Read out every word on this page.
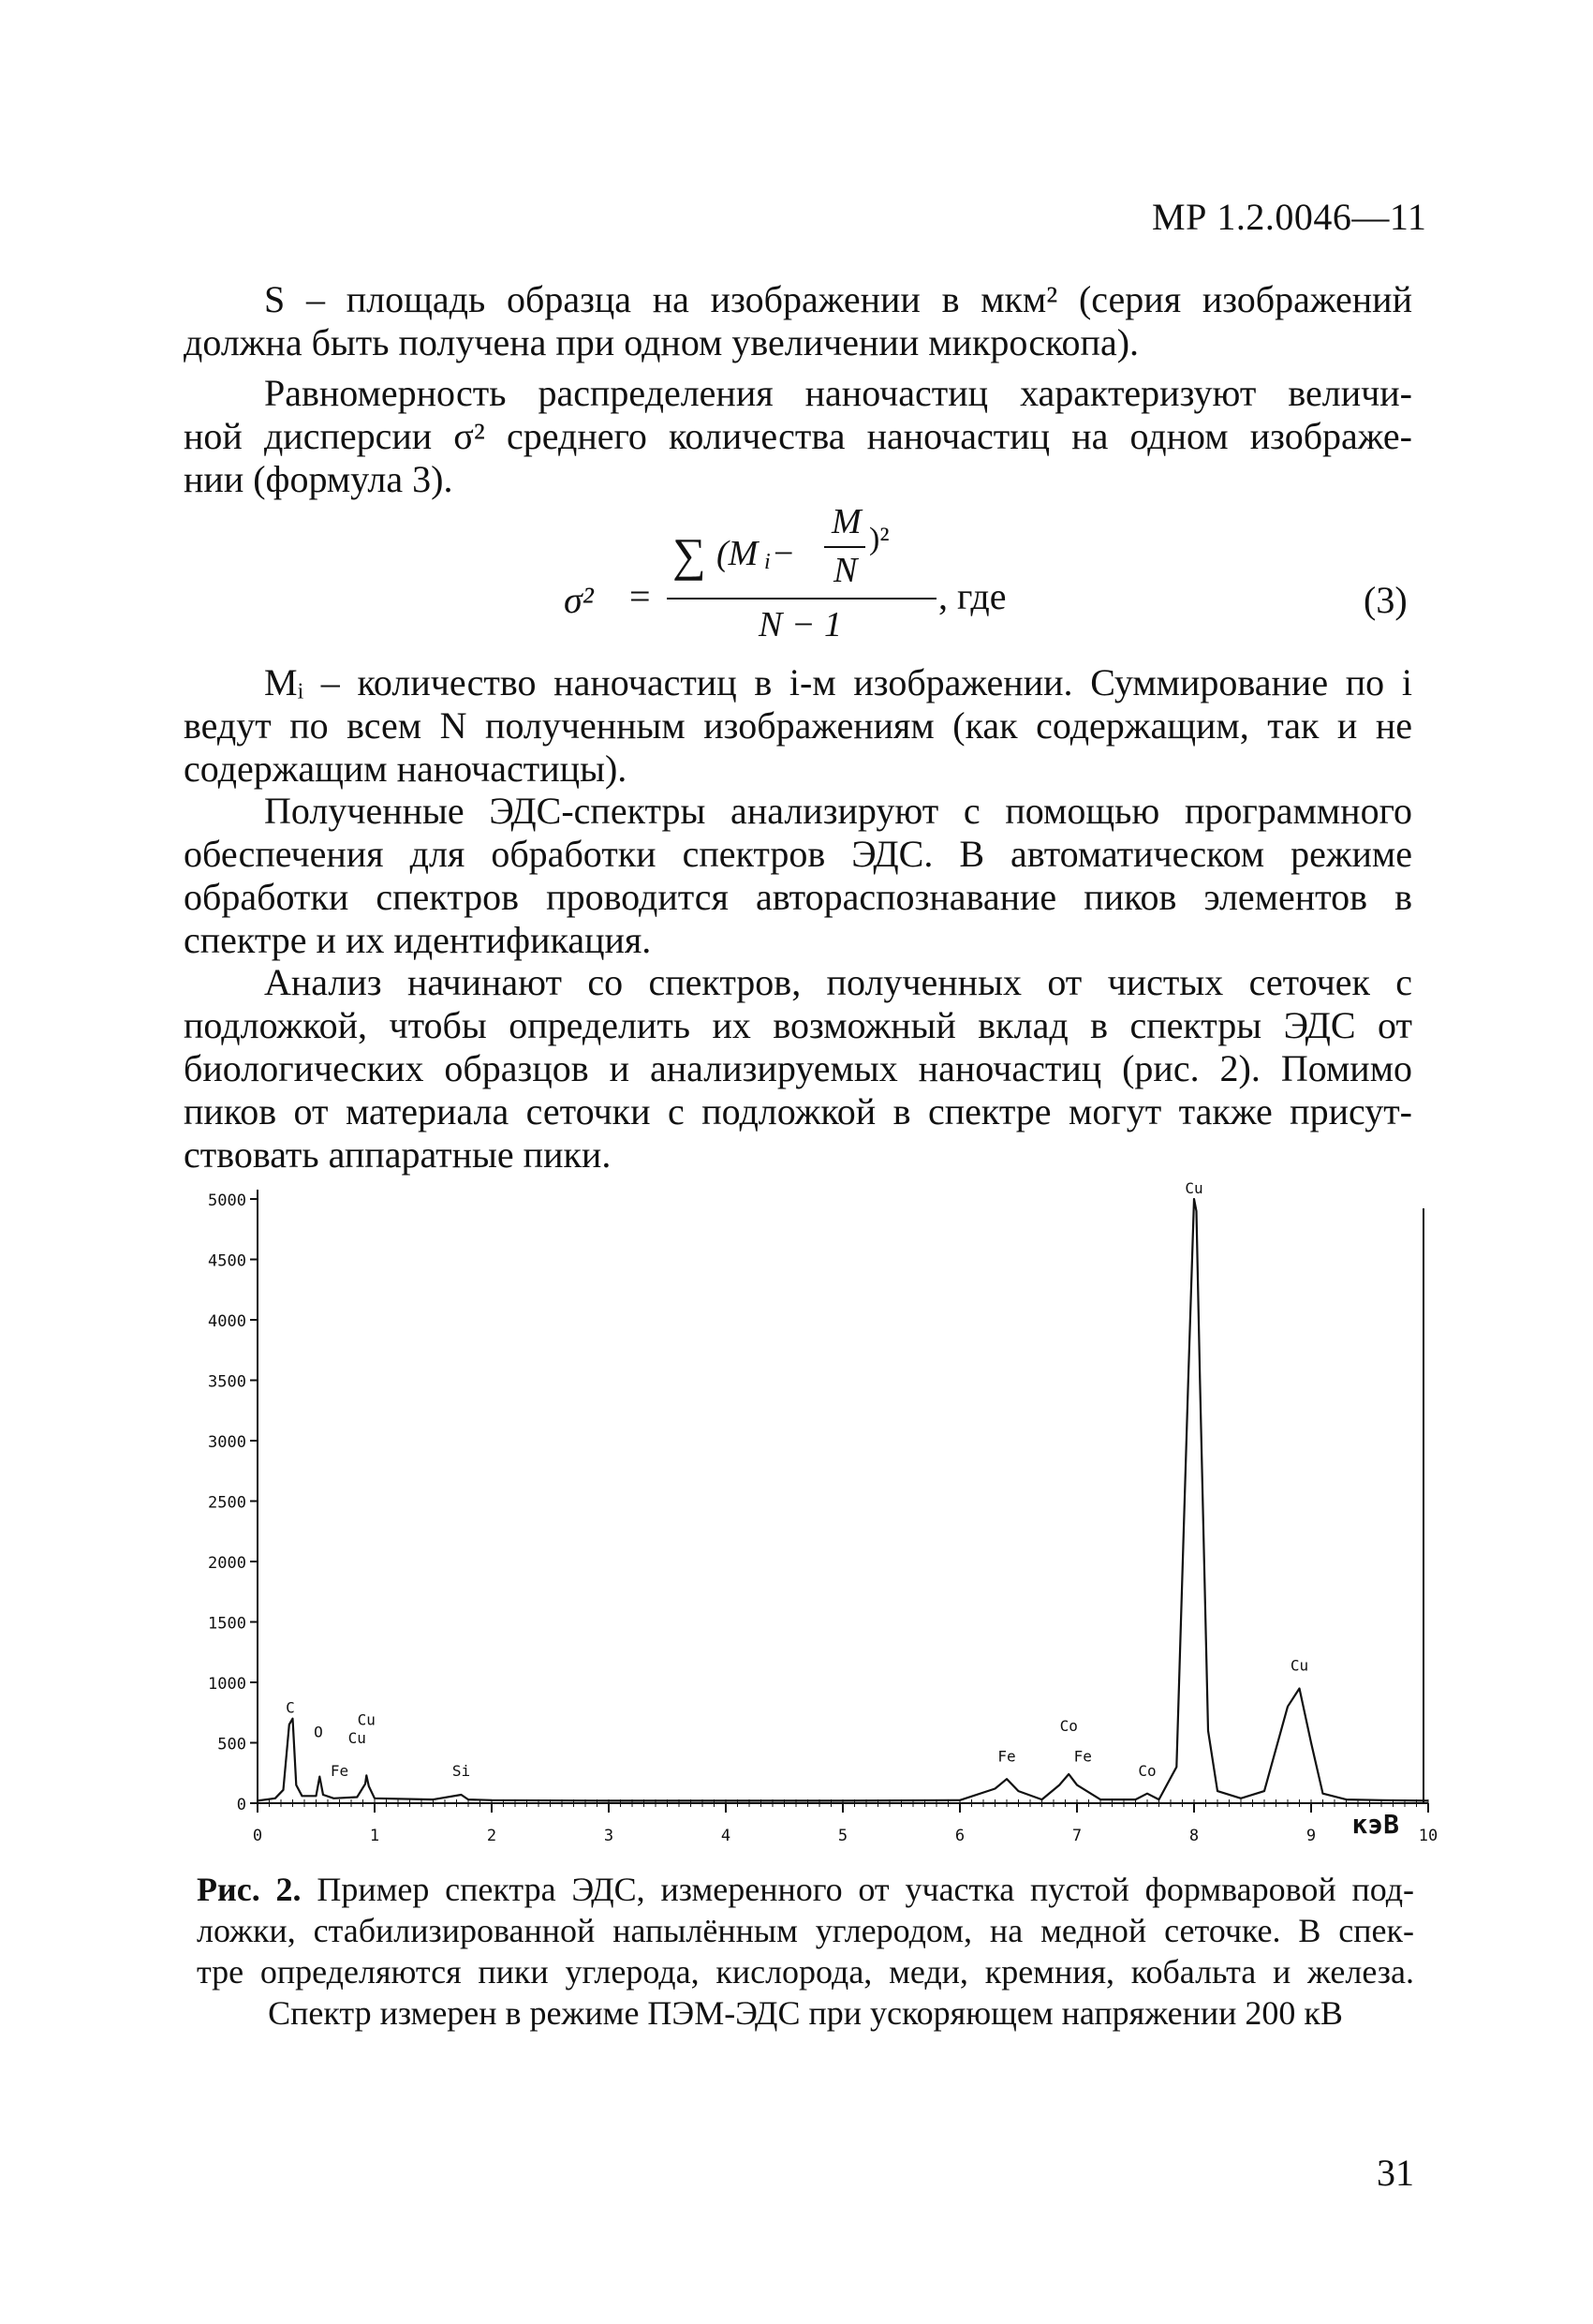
МР 1.2.0046—11
S – площадь образца на изображении в мкм² (серия изображений
должна быть получена при одном увеличении микроскопа).
Равномерность распределения наночастиц характеризуют величи-
ной дисперсии σ² среднего количества наночастиц на одном изображе-
нии (формула 3).
σ² =
∑ (M i −
M
N
)²
N − 1
, где	(3)
Mᵢ – количество наночастиц в i-м изображении. Суммирование по i
ведут по всем N полученным изображениям (как содержащим, так и не
содержащим наночастицы).
Полученные ЭДС-спектры анализируют с помощью программного
обеспечения для обработки спектров ЭДС. В автоматическом режиме
обработки спектров проводится автораспознавание пиков элементов в
спектре и их идентификация.
Анализ начинают со спектров, полученных от чистых сеточек с
подложкой, чтобы определить их возможный вклад в спектры ЭДС от
биологических образцов и анализируемых наночастиц (рис. 2). Помимо
пиков от материала сеточки с подложкой в спектре могут также присут-
ствовать аппаратные пики.
0
500
1000
1500
2000
2500
3000
3500
4000
4500
5000
0	1	2	3	4	5	6	7	8	9	10
кэВ
C
O Cu
Cu
Fe	Si
Fe
Co
Fe
Co
Cu
Cu
Рис. 2. Пример спектра ЭДС, измеренного от участка пустой формваровой под-
ложки, стабилизированной напылённым углеродом, на медной сеточке. В спек-
тре определяются пики углерода, кислорода, меди, кремния, кобальта и железа.
Спектр измерен в режиме ПЭМ-ЭДС при ускоряющем напряжении 200 кВ
31
